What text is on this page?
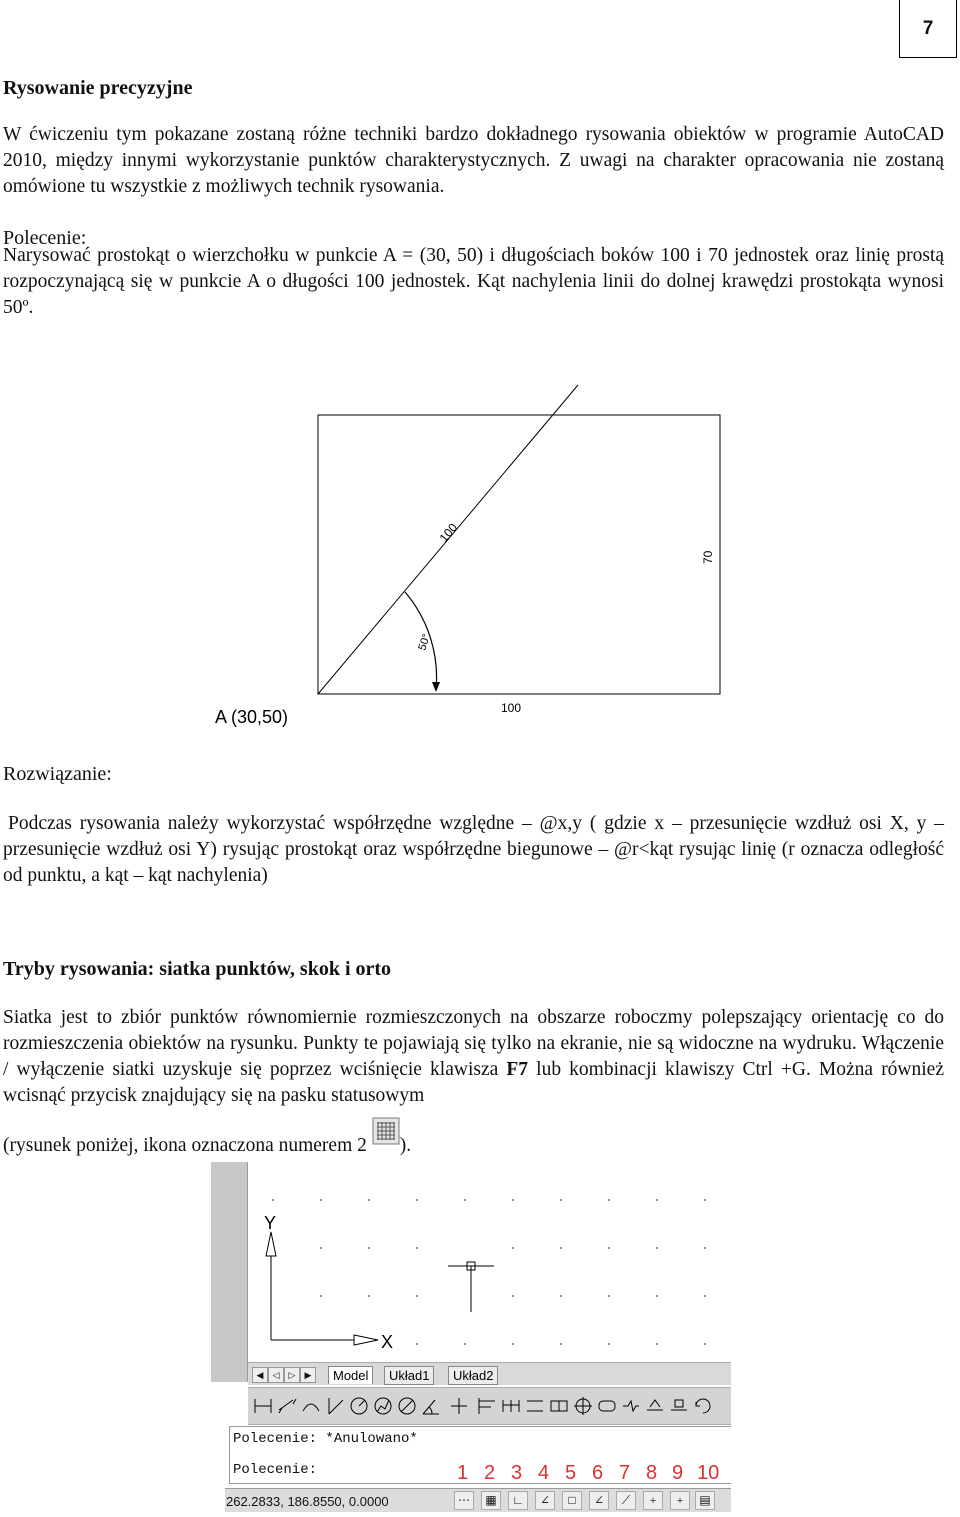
7
Rysowanie precyzyjne

W ćwiczeniu tym pokazane zostaną różne techniki bardzo dokładnego rysowania obiektów w programie AutoCAD 2010, między innymi wykorzystanie punktów charakterystycznych. Z uwagi na charakter opracowania nie zostaną omówione tu wszystkie z możliwych technik rysowania.

Polecenie:

Narysować prostokąt o wierzchołku w punkcie A = (30, 50) i długościach boków 100 i 70 jednostek oraz linię prostą rozpoczynającą się w punkcie A o długości 100 jednostek. Kąt nachylenia linii do dolnej krawędzi prostokąta wynosi 50º.

100
70
50°
A (30,50)	100
Rozwiązanie:

Podczas rysowania należy wykorzystać współrzędne względne – @x,y ( gdzie x – przesunięcie wzdłuż osi X, y – przesunięcie wzdłuż osi Y) rysując prostokąt oraz współrzędne biegunowe – @r<kąt rysując linię (r oznacza odległość od punktu, a kąt – kąt nachylenia)

Tryby rysowania: siatka punktów, skok i orto

Siatka jest to zbiór punktów równomiernie rozmieszczonych na obszarze roboczmy polepszający orientację co do rozmieszczenia obiektów na rysunku. Punkty te pojawiają się tylko na ekranie, nie są widoczne na wydruku. Włączenie / wyłączenie siatki uzyskuje się poprzez wciśnięcie klawisza F7 lub kombinacji klawiszy Ctrl +G. Można również wcisnąć przycisk znajdujący się na pasku statusowym

(rysunek poniżej, ikona oznaczona numerem 2 ).
Y
X
◀	◁	▷	▶	Model	Układ1	Układ2
Polecenie: *Anulowano*
Polecenie:	1 2 3 4 5 6 7 8 9 10
262.2833, 186.8550, 0.0000	⋯	▦	∟	∠	□	∠	⟋	+	+	▤
